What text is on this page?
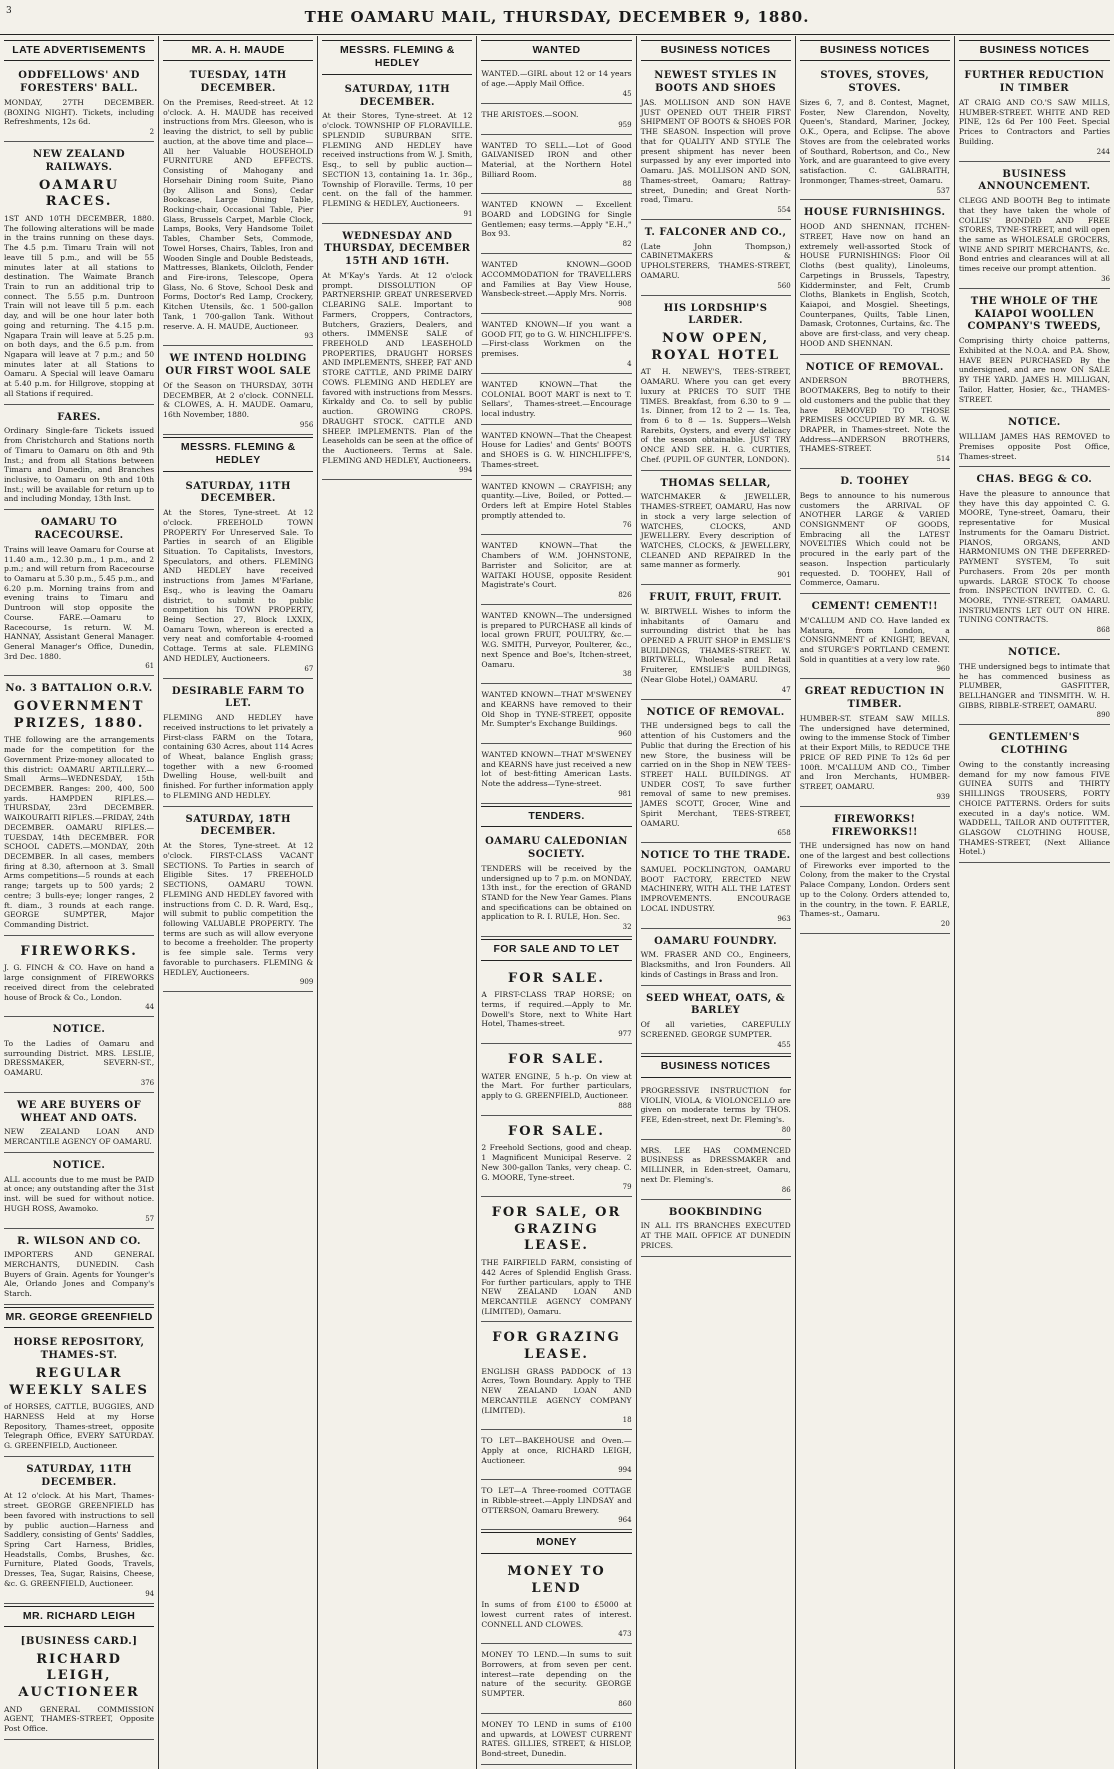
3	THE OAMARU MAIL, THURSDAY, DECEMBER 9, 1880.
LATE ADVERTISEMENTS
ODDFELLOWS' AND FORESTERS' BALL.

MONDAY, 27TH DECEMBER. (BOXING NIGHT). Tickets, including Refreshments, 12s 6d.

2
NEW ZEALAND RAILWAYS.
OAMARU RACES.

1ST AND 10TH DECEMBER, 1880. The following alterations will be made in the trains running on these days. The 4.5 p.m. Timaru Train will not leave till 5 p.m., and will be 55 minutes later at all stations to destination. The Waimate Branch Train to run an additional trip to connect. The 5.55 p.m. Duntroon Train will not leave till 5 p.m. each day, and will be one hour later both going and returning. The 4.15 p.m. Ngapara Train will leave at 5.25 p.m. on both days, and the 6.5 p.m. from Ngapara will leave at 7 p.m.; and 50 minutes later at all Stations to Oamaru. A Special will leave Oamaru at 5.40 p.m. for Hillgrove, stopping at all Stations if required.

FARES.

Ordinary Single-fare Tickets issued from Christchurch and Stations north of Timaru to Oamaru on 8th and 9th Inst.; and from all Stations between Timaru and Dunedin, and Branches inclusive, to Oamaru on 9th and 10th Inst.; will be available for return up to and including Monday, 13th Inst.

OAMARU TO RACECOURSE.

Trains will leave Oamaru for Course at 11.40 a.m., 12.30 p.m., 1 p.m., and 2 p.m.; and will return from Racecourse to Oamaru at 5.30 p.m., 5.45 p.m., and 6.20 p.m. Morning trains from and evening trains to Timaru and Duntroon will stop opposite the Course. FARE.—Oamaru to Racecourse, 1s return. W. M. HANNAY, Assistant General Manager. General Manager's Office, Dunedin, 3rd Dec. 1880.

61
No. 3 BATTALION O.R.V.
GOVERNMENT PRIZES, 1880.

THE following are the arrangements made for the competition for the Government Prize-money allocated to this district: OAMARU ARTILLERY.—Small Arms—WEDNESDAY, 15th DECEMBER. Ranges: 200, 400, 500 yards. HAMPDEN RIFLES.—THURSDAY, 23rd DECEMBER. WAIKOURAITI RIFLES.—FRIDAY, 24th DECEMBER. OAMARU RIFLES.—TUESDAY, 14th DECEMBER. FOR SCHOOL CADETS.—MONDAY, 20th DECEMBER. In all cases, members firing at 8.30, afternoon at 3. Small Arms competitions—5 rounds at each range; targets up to 500 yards; 2 centre; 3 bulls-eye; longer ranges, 2 ft. diam., 3 rounds at each range. GEORGE SUMPTER, Major Commanding District.

FIREWORKS.

J. G. FINCH & CO. Have on hand a large consignment of FIREWORKS received direct from the celebrated house of Brock & Co., London.

44
NOTICE.

To the Ladies of Oamaru and surrounding District. MRS. LESLIE, DRESSMAKER, SEVERN-ST., OAMARU.

376
WE ARE BUYERS OF WHEAT AND OATS.

NEW ZEALAND LOAN AND MERCANTILE AGENCY OF OAMARU.

NOTICE.

ALL accounts due to me must be PAID at once; any outstanding after the 31st inst. will be sued for without notice. HUGH ROSS, Awamoko.

57
R. WILSON AND CO.

IMPORTERS AND GENERAL MERCHANTS, DUNEDIN. Cash Buyers of Grain. Agents for Younger's Ale, Orlando Jones and Company's Starch.

MR. GEORGE GREENFIELD
HORSE REPOSITORY, THAMES-ST.
REGULAR WEEKLY SALES

of HORSES, CATTLE, BUGGIES, AND HARNESS Held at my Horse Repository, Thames-street, opposite Telegraph Office, EVERY SATURDAY. G. GREENFIELD, Auctioneer.

SATURDAY, 11TH DECEMBER.

At 12 o'clock. At his Mart, Thames-street. GEORGE GREENFIELD has been favored with instructions to sell by public auction—Harness and Saddlery, consisting of Gents' Saddles, Spring Cart Harness, Bridles, Headstalls, Combs, Brushes, &c. Furniture, Plated Goods, Travels, Dresses, Tea, Sugar, Raisins, Cheese, &c. G. GREENFIELD, Auctioneer.

94
MR. RICHARD LEIGH
[BUSINESS CARD.]
RICHARD LEIGH, AUCTIONEER

AND GENERAL COMMISSION AGENT, THAMES-STREET, Opposite Post Office.

MR. A. H. MAUDE
TUESDAY, 14TH DECEMBER.

On the Premises, Reed-street. At 12 o'clock. A. H. MAUDE has received instructions from Mrs. Gleeson, who is leaving the district, to sell by public auction, at the above time and place—All her Valuable HOUSEHOLD FURNITURE AND EFFECTS. Consisting of Mahogany and Horsehair Dining room Suite, Piano (by Allison and Sons), Cedar Bookcase, Large Dining Table, Rocking-chair, Occasional Table, Pier Glass, Brussels Carpet, Marble Clock, Lamps, Books, Very Handsome Toilet Tables, Chamber Sets, Commode, Towel Horses, Chairs, Tables, Iron and Wooden Single and Double Bedsteads, Mattresses, Blankets, Oilcloth, Fender and Fire-irons, Telescope, Opera Glass, No. 6 Stove, School Desk and Forms, Doctor's Red Lamp, Crockery, Kitchen Utensils, &c. 1 500-gallon Tank, 1 700-gallon Tank. Without reserve. A. H. MAUDE, Auctioneer.

93
WE INTEND HOLDING OUR FIRST WOOL SALE

Of the Season on THURSDAY, 30TH DECEMBER, At 2 o'clock. CONNELL & CLOWES, A. H. MAUDE. Oamaru, 16th November, 1880.

956
MESSRS. FLEMING & HEDLEY
SATURDAY, 11TH DECEMBER.

At the Stores, Tyne-street. At 12 o'clock. FREEHOLD TOWN PROPERTY For Unreserved Sale. To Parties in search of an Eligible Situation. To Capitalists, Investors, Speculators, and others. FLEMING AND HEDLEY have received instructions from James M'Farlane, Esq., who is leaving the Oamaru district, to submit to public competition his TOWN PROPERTY, Being Section 27, Block LXXIX, Oamaru Town, whereon is erected a very neat and comfortable 4-roomed Cottage. Terms at sale. FLEMING AND HEDLEY, Auctioneers.

67
DESIRABLE FARM TO LET.

FLEMING AND HEDLEY have received instructions to let privately a First-class FARM on the Totara, containing 630 Acres, about 114 Acres of Wheat, balance English grass; together with a new 6-roomed Dwelling House, well-built and finished. For further information apply to FLEMING AND HEDLEY.

SATURDAY, 18TH DECEMBER.

At the Stores, Tyne-street. At 12 o'clock. FIRST-CLASS VACANT SECTIONS. To Parties in search of Eligible Sites. 17 FREEHOLD SECTIONS, OAMARU TOWN. FLEMING AND HEDLEY favored with instructions from C. D. R. Ward, Esq., will submit to public competition the following VALUABLE PROPERTY. The terms are such as will allow everyone to become a freeholder. The property is fee simple sale. Terms very favorable to purchasers. FLEMING & HEDLEY, Auctioneers.

909
MESSRS. FLEMING & HEDLEY
SATURDAY, 11TH DECEMBER.

At their Stores, Tyne-street. At 12 o'clock. TOWNSHIP OF FLORAVILLE. SPLENDID SUBURBAN SITE. FLEMING AND HEDLEY have received instructions from W. J. Smith, Esq., to sell by public auction—SECTION 13, containing 1a. 1r. 36p., Township of Floraville. Terms, 10 per cent. on the fall of the hammer. FLEMING & HEDLEY, Auctioneers.

91
WEDNESDAY AND THURSDAY, DECEMBER 15TH AND 16TH.

At M'Kay's Yards. At 12 o'clock prompt. DISSOLUTION OF PARTNERSHIP. GREAT UNRESERVED CLEARING SALE. Important to Farmers, Croppers, Contractors, Butchers, Graziers, Dealers, and others. IMMENSE SALE of FREEHOLD AND LEASEHOLD PROPERTIES, DRAUGHT HORSES AND IMPLEMENTS, SHEEP, FAT AND STORE CATTLE, AND PRIME DAIRY COWS. FLEMING AND HEDLEY are favored with instructions from Messrs. Kirkaldy and Co. to sell by public auction. GROWING CROPS. DRAUGHT STOCK. CATTLE AND SHEEP. IMPLEMENTS. Plan of the Leaseholds can be seen at the office of the Auctioneers. Terms at Sale. FLEMING AND HEDLEY, Auctioneers.

994
WANTED

WANTED.—GIRL about 12 or 14 years of age.—Apply Mail Office.

45

THE ARISTOES.—SOON.

959

WANTED TO SELL.—Lot of Good GALVANISED IRON and other Material, at the Northern Hotel Billiard Room.

88

WANTED KNOWN — Excellent BOARD and LODGING for Single Gentlemen; easy terms.—Apply "E.H.," Box 93.

82

WANTED KNOWN—GOOD ACCOMMODATION for TRAVELLERS and Families at Bay View House, Wansbeck-street.—Apply Mrs. Norris.

908

WANTED KNOWN—If you want a GOOD FIT, go to G. W. HINCHLIFFE'S.—First-class Workmen on the premises.

4

WANTED KNOWN—That the COLONIAL BOOT MART is next to T. Sellars', Thames-street.—Encourage local industry.

WANTED KNOWN—That the Cheapest House for Ladies' and Gents' BOOTS and SHOES is G. W. HINCHLIFFE'S, Thames-street.

WANTED KNOWN — CRAYFISH; any quantity.—Live, Boiled, or Potted.—Orders left at Empire Hotel Stables promptly attended to.

76

WANTED KNOWN—That the Chambers of W.M. JOHNSTONE, Barrister and Solicitor, are at WAITAKI HOUSE, opposite Resident Magistrate's Court.

826

WANTED KNOWN—The undersigned is prepared to PURCHASE all kinds of local grown FRUIT, POULTRY, &c.—W.G. SMITH, Purveyor, Poulterer, &c., next Spence and Boe's, Itchen-street, Oamaru.

38

WANTED KNOWN—THAT M'SWENEY and KEARNS have removed to their Old Shop in TYNE-STREET, opposite Mr. Sumpter's Exchange Buildings.

960

WANTED KNOWN—THAT M'SWENEY and KEARNS have just received a new lot of best-fitting American Lasts. Note the address—Tyne-street.

981
TENDERS.
OAMARU CALEDONIAN SOCIETY.

TENDERS will be received by the undersigned up to 7 p.m. on MONDAY, 13th inst., for the erection of GRAND STAND for the New Year Games. Plans and specifications can be obtained on application to R. I. RULE, Hon. Sec.

32
FOR SALE AND TO LET
FOR SALE.

A FIRST-CLASS TRAP HORSE; on terms, if required.—Apply to Mr. Dowell's Store, next to White Hart Hotel, Thames-street.

977
FOR SALE.

WATER ENGINE, 5 h.-p. On view at the Mart. For further particulars, apply to G. GREENFIELD, Auctioneer.

888
FOR SALE.

2 Freehold Sections, good and cheap. 1 Magnificent Municipal Reserve. 2 New 300-gallon Tanks, very cheap. C. G. MOORE, Tyne-street.

79
FOR SALE, OR GRAZING LEASE.

THE FAIRFIELD FARM, consisting of 442 Acres of Splendid English Grass. For further particulars, apply to THE NEW ZEALAND LOAN AND MERCANTILE AGENCY COMPANY (LIMITED), Oamaru.

FOR GRAZING LEASE.

ENGLISH GRASS PADDOCK of 13 Acres, Town Boundary. Apply to THE NEW ZEALAND LOAN AND MERCANTILE AGENCY COMPANY (LIMITED).

18

TO LET—BAKEHOUSE and Oven.—Apply at once, RICHARD LEIGH, Auctioneer.

994

TO LET—A Three-roomed COTTAGE in Ribble-street.—Apply LINDSAY and OTTERSON, Oamaru Brewery.

964
MONEY
MONEY TO LEND

In sums of from £100 to £5000 at lowest current rates of interest. CONNELL AND CLOWES.

473

MONEY TO LEND.—In sums to suit Borrowers, at from seven per cent. interest—rate depending on the nature of the security. GEORGE SUMPTER.

860

MONEY TO LEND in sums of £100 and upwards, at LOWEST CURRENT RATES. GILLIES, STREET, & HISLOP, Bond-street, Dunedin.

BUSINESS NOTICES
NEWEST STYLES IN BOOTS AND SHOES

JAS. MOLLISON AND SON HAVE JUST OPENED OUT THEIR FIRST SHIPMENT OF BOOTS & SHOES FOR THE SEASON. Inspection will prove that for QUALITY AND STYLE The present shipment has never been surpassed by any ever imported into Oamaru. JAS. MOLLISON AND SON, Thames-street, Oamaru; Rattray-street, Dunedin; and Great North-road, Timaru.

554
T. FALCONER AND CO.,

(Late John Thompson,) CABINETMAKERS & UPHOLSTERERS, THAMES-STREET, OAMARU.

560
HIS LORDSHIP'S LARDER.
NOW OPEN, ROYAL HOTEL

AT H. NEWEY'S, TEES-STREET, OAMARU. Where you can get every luxury at PRICES TO SUIT THE TIMES. Breakfast, from 6.30 to 9 — 1s. Dinner, from 12 to 2 — 1s. Tea, from 6 to 8 — 1s. Suppers—Welsh Rarebits, Oysters, and every delicacy of the season obtainable. JUST TRY ONCE AND SEE. H. G. CURTIES, Chef. (PUPIL OF GUNTER, LONDON).

THOMAS SELLAR,

WATCHMAKER & JEWELLER, THAMES-STREET, OAMARU, Has now in stock a very large selection of WATCHES, CLOCKS, AND JEWELLERY. Every description of WATCHES, CLOCKS, & JEWELLERY, CLEANED AND REPAIRED In the same manner as formerly.

901
FRUIT, FRUIT, FRUIT.

W. BIRTWELL Wishes to inform the inhabitants of Oamaru and surrounding district that he has OPENED A FRUIT SHOP in EMSLIE'S BUILDINGS, THAMES-STREET. W. BIRTWELL, Wholesale and Retail Fruiterer, EMSLIE'S BUILDINGS, (Near Globe Hotel,) OAMARU.

47
NOTICE OF REMOVAL.

THE undersigned begs to call the attention of his Customers and the Public that during the Erection of his new Store, the business will be carried on in the Shop in NEW TEES-STREET HALL BUILDINGS. AT UNDER COST, To save further removal of same to new premises. JAMES SCOTT, Grocer, Wine and Spirit Merchant, TEES-STREET, OAMARU.

658
NOTICE TO THE TRADE.

SAMUEL POCKLINGTON, OAMARU BOOT FACTORY, ERECTED NEW MACHINERY, WITH ALL THE LATEST IMPROVEMENTS. ENCOURAGE LOCAL INDUSTRY.

963
OAMARU FOUNDRY.

WM. FRASER AND CO., Engineers, Blacksmiths, and Iron Founders. All kinds of Castings in Brass and Iron.

SEED WHEAT, OATS, & BARLEY

Of all varieties, CAREFULLY SCREENED. GEORGE SUMPTER.

455
BUSINESS NOTICES

PROGRESSIVE INSTRUCTION for VIOLIN, VIOLA, & VIOLONCELLO are given on moderate terms by THOS. FEE, Eden-street, next Dr. Fleming's.

80

MRS. LEE HAS COMMENCED BUSINESS as DRESSMAKER and MILLINER, in Eden-street, Oamaru, next Dr. Fleming's.

86
BOOKBINDING

IN ALL ITS BRANCHES EXECUTED AT THE MAIL OFFICE AT DUNEDIN PRICES.

BUSINESS NOTICES
STOVES, STOVES, STOVES.

Sizes 6, 7, and 8. Contest, Magnet, Foster, New Clarendon, Novelty, Queen's, Standard, Mariner, Jockey, O.K., Opera, and Eclipse. The above Stoves are from the celebrated works of Southard, Robertson, and Co., New York, and are guaranteed to give every satisfaction. C. GALBRAITH, Ironmonger, Thames-street, Oamaru.

537
HOUSE FURNISHINGS.

HOOD AND SHENNAN, ITCHEN-STREET, Have now on hand an extremely well-assorted Stock of HOUSE FURNISHINGS: Floor Oil Cloths (best quality), Linoleums, Carpetings in Brussels, Tapestry, Kidderminster, and Felt, Crumb Cloths, Blankets in English, Scotch, Kaiapoi, and Mosgiel. Sheetings, Counterpanes, Quilts, Table Linen, Damask, Crotonnes, Curtains, &c. The above are first-class, and very cheap. HOOD AND SHENNAN.

NOTICE OF REMOVAL.

ANDERSON BROTHERS, BOOTMAKERS, Beg to notify to their old customers and the public that they have REMOVED TO THOSE PREMISES OCCUPIED BY MR. G. W. DRAPER, in Thames-street. Note the Address—ANDERSON BROTHERS, THAMES-STREET.

514
D. TOOHEY

Begs to announce to his numerous customers the ARRIVAL OF ANOTHER LARGE & VARIED CONSIGNMENT OF GOODS, Embracing all the LATEST NOVELTIES Which could not be procured in the early part of the season. Inspection particularly requested. D. TOOHEY, Hall of Commerce, Oamaru.

CEMENT! CEMENT!!

M'CALLUM AND CO. Have landed ex Mataura, from London, a CONSIGNMENT of KNIGHT, BEVAN, and STURGE'S PORTLAND CEMENT. Sold in quantities at a very low rate.

960
GREAT REDUCTION IN TIMBER.

HUMBER-ST. STEAM SAW MILLS. The undersigned have determined, owing to the immense Stock of Timber at their Export Mills, to REDUCE THE PRICE OF RED PINE To 12s 6d per 100ft. M'CALLUM AND CO., Timber and Iron Merchants, HUMBER-STREET, OAMARU.

939
FIREWORKS! FIREWORKS!!

THE undersigned has now on hand one of the largest and best collections of Fireworks ever imported to the Colony, from the maker to the Crystal Palace Company, London. Orders sent up to the Colony. Orders attended to, in the country, in the town. F. EARLE, Thames-st., Oamaru.

20
BUSINESS NOTICES
FURTHER REDUCTION IN TIMBER

AT CRAIG AND CO.'S SAW MILLS, HUMBER-STREET. WHITE AND RED PINE, 12s 6d Per 100 Feet. Special Prices to Contractors and Parties Building.

244
BUSINESS ANNOUNCEMENT.

CLEGG AND BOOTH Beg to intimate that they have taken the whole of COLLIS' BONDED AND FREE STORES, TYNE-STREET, and will open the same as WHOLESALE GROCERS, WINE AND SPIRIT MERCHANTS, &c. Bond entries and clearances will at all times receive our prompt attention.

36
THE WHOLE OF THE KAIAPOI WOOLLEN COMPANY'S TWEEDS,

Comprising thirty choice patterns, Exhibited at the N.O.A. and P.A. Show, HAVE BEEN PURCHASED By the undersigned, and are now ON SALE BY THE YARD. JAMES H. MILLIGAN, Tailor, Hatter, Hosier, &c., THAMES-STREET.

NOTICE.

WILLIAM JAMES HAS REMOVED to Premises opposite Post Office, Thames-street.

CHAS. BEGG & CO.

Have the pleasure to announce that they have this day appointed C. G. MOORE, Tyne-street, Oamaru, their representative for Musical Instruments for the Oamaru District. PIANOS, ORGANS, AND HARMONIUMS ON THE DEFERRED-PAYMENT SYSTEM, To suit Purchasers. From 20s per month upwards. LARGE STOCK To choose from. INSPECTION INVITED. C. G. MOORE, TYNE-STREET, OAMARU. INSTRUMENTS LET OUT ON HIRE. TUNING CONTRACTS.

868
NOTICE.

THE undersigned begs to intimate that he has commenced business as PLUMBER, GASFITTER, BELLHANGER and TINSMITH. W. H. GIBBS, RIBBLE-STREET, OAMARU.

890
GENTLEMEN'S CLOTHING

Owing to the constantly increasing demand for my now famous FIVE GUINEA SUITS and THIRTY SHILLINGS TROUSERS, FORTY CHOICE PATTERNS. Orders for suits executed in a day's notice. WM. WADDELL, TAILOR AND OUTFITTER, GLASGOW CLOTHING HOUSE, THAMES-STREET, (Next Alliance Hotel.)
